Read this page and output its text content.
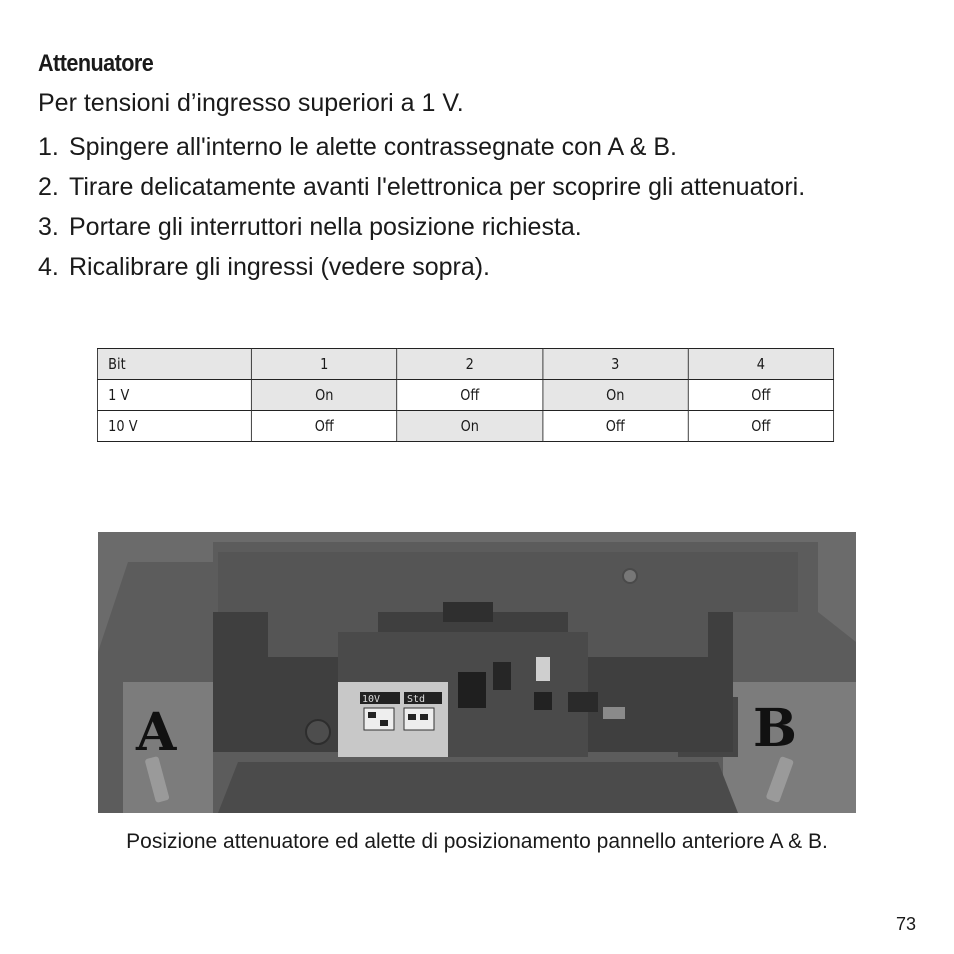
Attenuatore
Per tensioni d’ingresso superiori a 1 V.
1. Spingere all'interno le alette contrassegnate con A & B.
2. Tirare delicatamente avanti l'elettronica per scoprire gli attenuatori.
3. Portare gli interruttori nella posizione richiesta.
4. Ricalibrare gli ingressi (vedere sopra).
Bit	1	2	3	4
1 V	On	Off	On	Off
10 V	Off	On	Off	Off
10V	Std
A	B
Posizione attenuatore ed alette di posizionamento pannello anteriore A & B.
73
